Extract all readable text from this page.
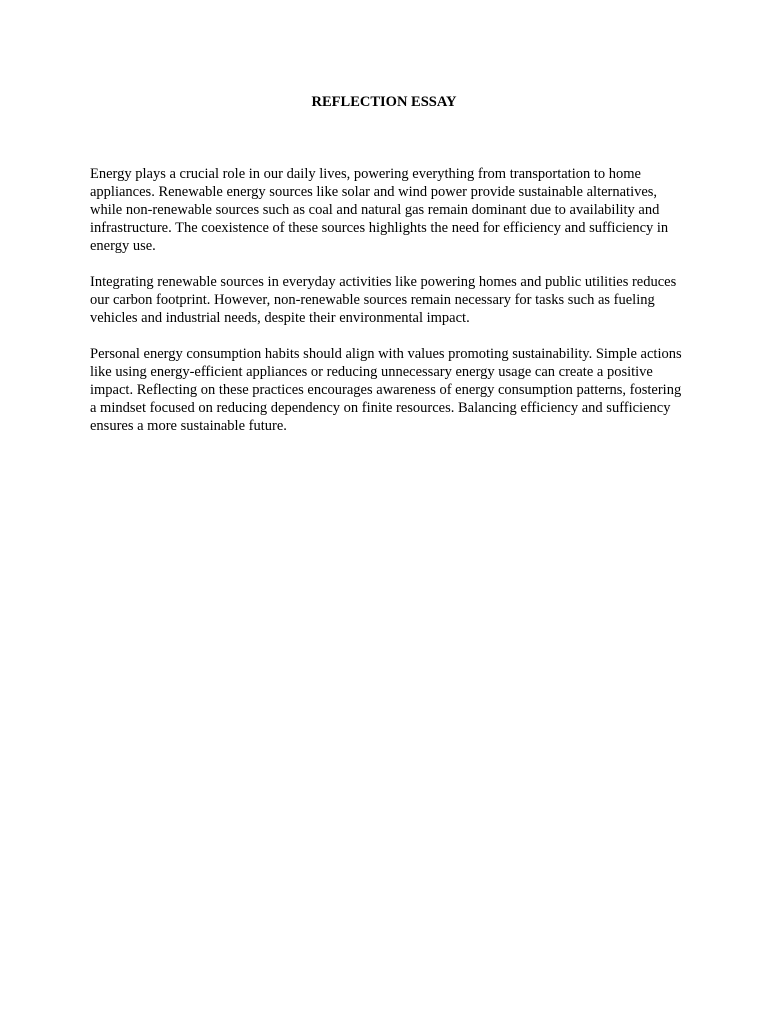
REFLECTION ESSAY

Energy plays a crucial role in our daily lives, powering everything from transportation to home appliances. Renewable energy sources like solar and wind power provide sustainable alternatives, while non-renewable sources such as coal and natural gas remain dominant due to availability and infrastructure. The coexistence of these sources highlights the need for efficiency and sufficiency in energy use.

Integrating renewable sources in everyday activities like powering homes and public utilities reduces our carbon footprint. However, non-renewable sources remain necessary for tasks such as fueling vehicles and industrial needs, despite their environmental impact.

Personal energy consumption habits should align with values promoting sustainability. Simple actions like using energy-efficient appliances or reducing unnecessary energy usage can create a positive impact. Reflecting on these practices encourages awareness of energy consumption patterns, fostering a mindset focused on reducing dependency on finite resources. Balancing efficiency and sufficiency ensures a more sustainable future.
